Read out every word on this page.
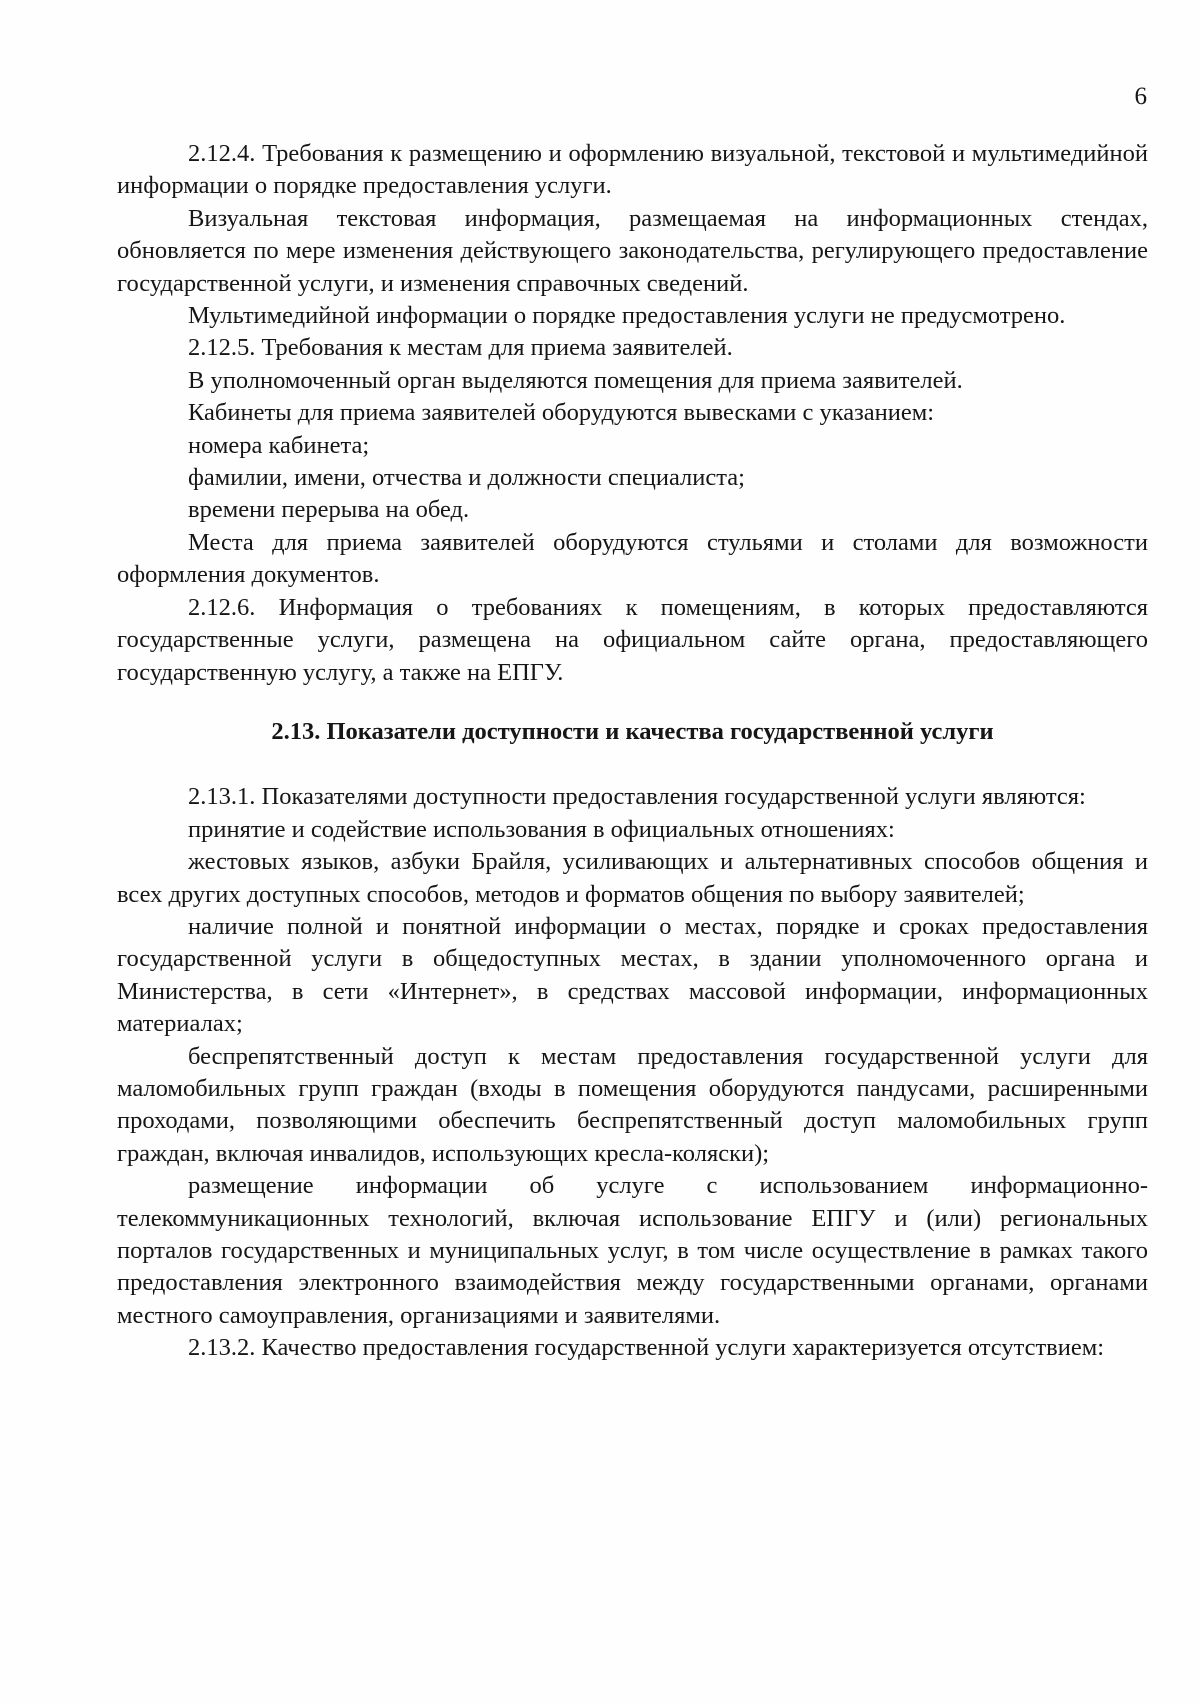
6

2.12.4. Требования к размещению и оформлению визуальной, текстовой и мультимедийной информации о порядке предоставления услуги.

Визуальная текстовая информация, размещаемая на информационных стендах, обновляется по мере изменения действующего законодательства, регулирующего предоставление государственной услуги, и изменения справочных сведений.

Мультимедийной информации о порядке предоставления услуги не предусмотрено.

2.12.5. Требования к местам для приема заявителей.

В уполномоченный орган выделяются помещения для приема заявителей.

Кабинеты для приема заявителей оборудуются вывесками с указанием:

номера кабинета;

фамилии, имени, отчества и должности специалиста;

времени перерыва на обед.

Места для приема заявителей оборудуются стульями и столами для возможности оформления документов.

2.12.6. Информация о требованиях к помещениям, в которых предоставляются государственные услуги, размещена на официальном сайте органа, предоставляющего государственную услугу, а также на ЕПГУ.

2.13. Показатели доступности и качества государственной услуги

2.13.1. Показателями доступности предоставления государственной услуги являются:

принятие и содействие использования в официальных отношениях:

жестовых языков, азбуки Брайля, усиливающих и альтернативных способов общения и всех других доступных способов, методов и форматов общения по выбору заявителей;

наличие полной и понятной информации о местах, порядке и сроках предоставления государственной услуги в общедоступных местах, в здании уполномоченного органа и Министерства, в сети «Интернет», в средствах массовой информации, информационных материалах;

беспрепятственный доступ к местам предоставления государственной услуги для маломобильных групп граждан (входы в помещения оборудуются пандусами, расширенными проходами, позволяющими обеспечить беспрепятственный доступ маломобильных групп граждан, включая инвалидов, использующих кресла-коляски);

размещение информации об услуге с использованием информационно-телекоммуникационных технологий, включая использование ЕПГУ и (или) региональных порталов государственных и муниципальных услуг, в том числе осуществление в рамках такого предоставления электронного взаимодействия между государственными органами, органами местного самоуправления, организациями и заявителями.

2.13.2. Качество предоставления государственной услуги характеризуется отсутствием:
